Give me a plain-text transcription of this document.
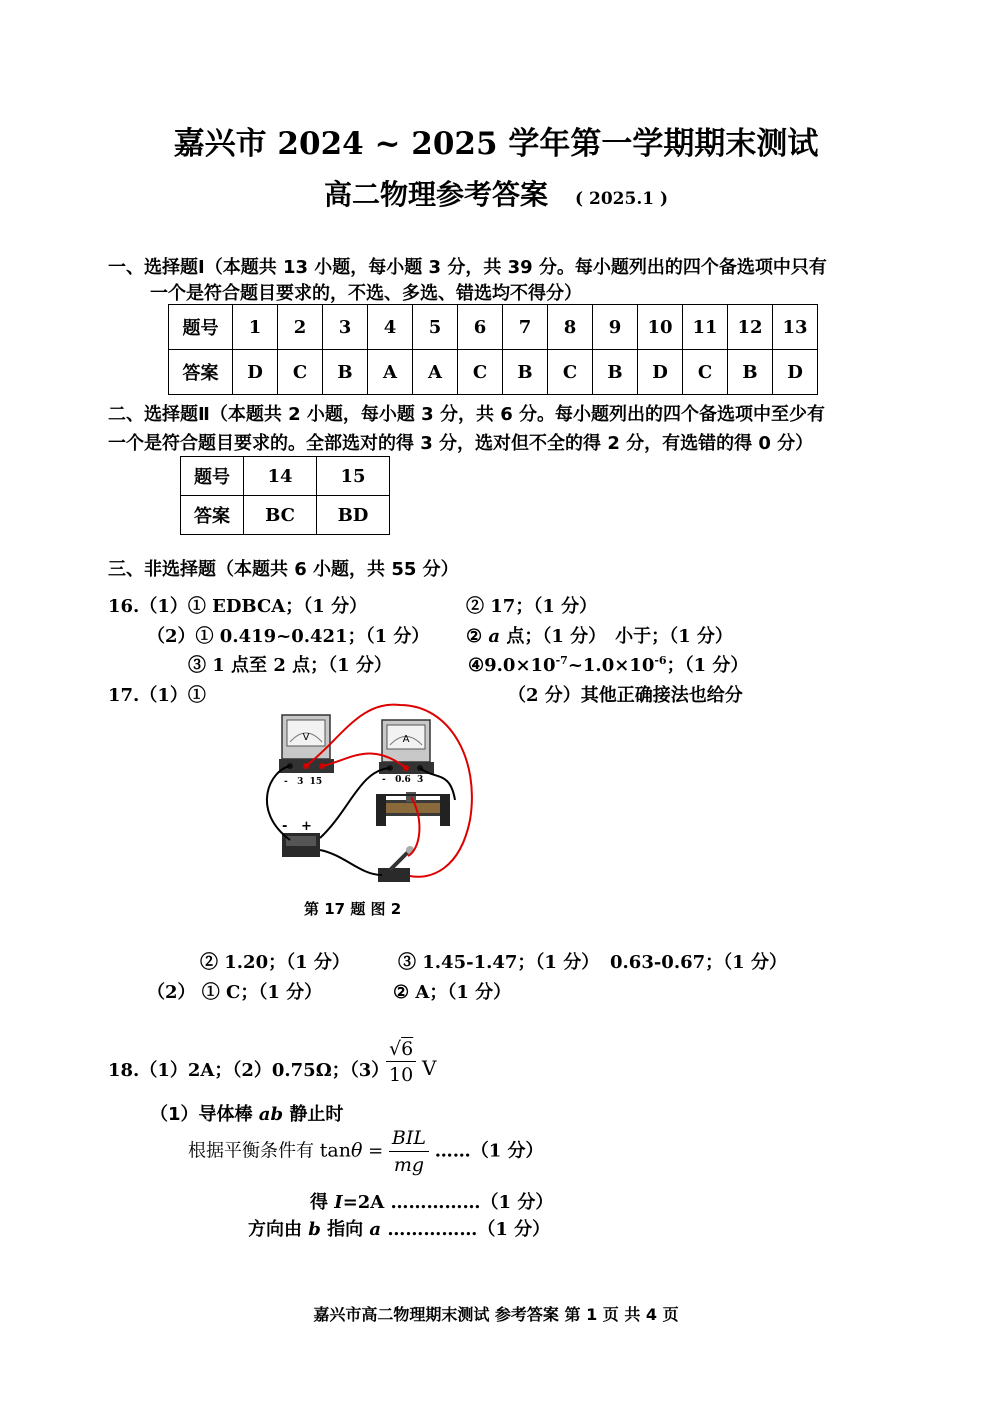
嘉兴市 2024 ~ 2025 学年第一学期期末测试
高二物理参考答案 ( 2025.1 )
一、选择题Ⅰ（本题共 13 小题，每小题 3 分，共 39 分。每小题列出的四个备选项中只有
一个是符合题目要求的，不选、多选、错选均不得分）
题号	1	2	3	4	5	6	7	8	9	10	11	12	13
答案	D	C	B	A	A	C	B	C	B	D	C	B	D
二、选择题Ⅱ（本题共 2 小题，每小题 3 分，共 6 分。每小题列出的四个备选项中至少有
一个是符合题目要求的。全部选对的得 3 分，选对但不全的得 2 分，有选错的得 0 分）
题号	14	15
答案	BC	BD
三、非选择题（本题共 6 小题，共 55 分）
16.（1）① EDBCA；（1 分）	② 17；（1 分）
（2）① 0.419~0.421；（1 分） ② a 点；（1 分）　小于；（1 分）
③ 1 点至 2 点；（1 分）	$④9.0\times 10^{-7}\sim 1.0\times 10^{-6}$；（1 分）
17.（1）①	（2 分）其他正确接法也给分
V
-   3  15
A
-   0.6  3
-   +
第 17 题 图 2
② 1.20；（1 分）	③ 1.45-1.47；（1 分） 0.63-0.67；（1 分）
（2） ① C；（1 分）	② A；（1 分）
18.（1）2A；（2）0.75Ω；（3）
$\frac{√6}{10}$ V
（1）导体棒 ab 静止时
根据平衡条件有 $\tan\theta = \frac{\text{BIL}}{mg}$ ……（1 分）
得 I=2A ……………（1 分）
方向由 b 指向 a ……………（1 分）
嘉兴市高二物理期末测试 参考答案 第 1 页 共 4 页
